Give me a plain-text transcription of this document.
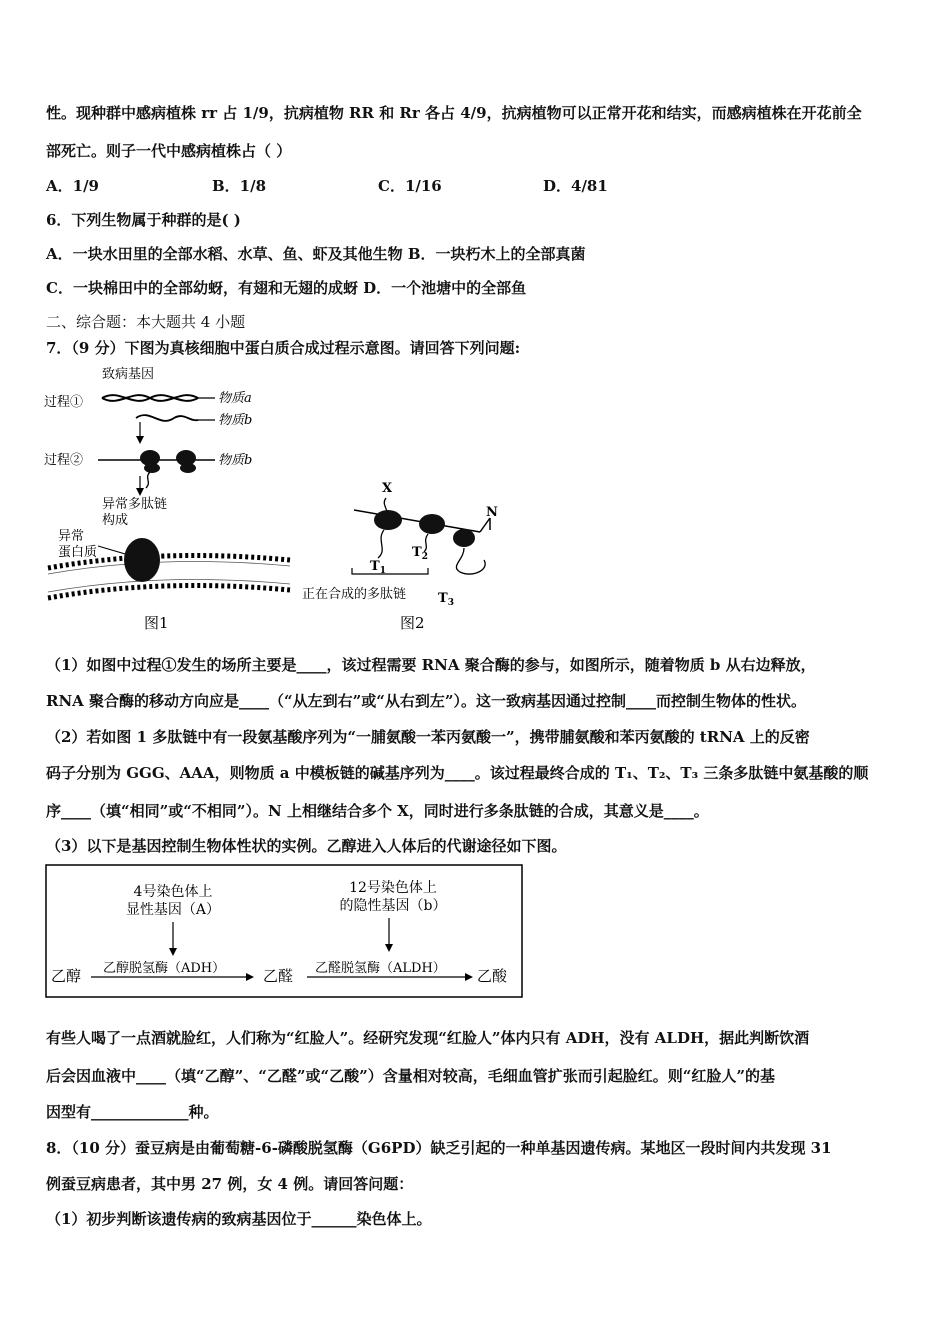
性。现种群中感病植株 rr 占 1/9，抗病植物 RR 和 Rr 各占 4/9，抗病植物可以正常开花和结实，而感病植株在开花前全
部死亡。则子一代中感病植株占（ ）
A．1/9	B．1/8	C．1/16	D．4/81
6．下列生物属于种群的是( )
A．一块水田里的全部水稻、水草、鱼、虾及其他生物 B．一块朽木上的全部真菌
C．一块棉田中的全部幼蚜，有翅和无翅的成蚜 D．一个池塘中的全部鱼
二、综合题：本大题共 4 小题
7．（9 分）下图为真核细胞中蛋白质合成过程示意图。请回答下列问题:
致病基因
过程①	物质a
物质b
过程②	物质b
异常多肽链
构成
异常
蛋白质
图1
X
N
$T_2$
$T_1$
正在合成的多肽链 $T_3$
图2
（1）如图中过程①发生的场所主要是____，该过程需要 RNA 聚合酶的参与，如图所示，随着物质 b 从右边释放，
RNA 聚合酶的移动方向应是____（“从左到右”或“从右到左”）。这一致病基因通过控制____而控制生物体的性状。
（2）若如图 1 多肽链中有一段氨基酸序列为“一脯氨酸一苯丙氨酸一”，携带脯氨酸和苯丙氨酸的 tRNA 上的反密
码子分别为 GGG、AAA，则物质 a 中模板链的碱基序列为____。该过程最终合成的 T₁、T₂、T₃ 三条多肽链中氨基酸的顺
序____（填“相同”或“不相同”）。N 上相继结合多个 X，同时进行多条肽链的合成，其意义是____。
（3）以下是基因控制生物体性状的实例。乙醇进入人体后的代谢途径如下图。
4号染色体上
显性基因（A）
12号染色体上
的隐性基因（b）
乙醇 乙醇脱氢酶（ADH）	乙醛 乙醛脱氢酶（ALDH） 乙酸
有些人喝了一点酒就脸红，人们称为“红脸人”。经研究发现“红脸人”体内只有 ADH，没有 ALDH，据此判断饮酒
后会因血液中____（填“乙醇”、“乙醛”或“乙酸”）含量相对较高，毛细血管扩张而引起脸红。则“红脸人”的基
因型有_____________种。
8．（10 分）蚕豆病是由葡萄糖-6-磷酸脱氢酶（G6PD）缺乏引起的一种单基因遗传病。某地区一段时间内共发现 31
例蚕豆病患者，其中男 27 例，女 4 例。请回答问题：
（1）初步判断该遗传病的致病基因位于______染色体上。
